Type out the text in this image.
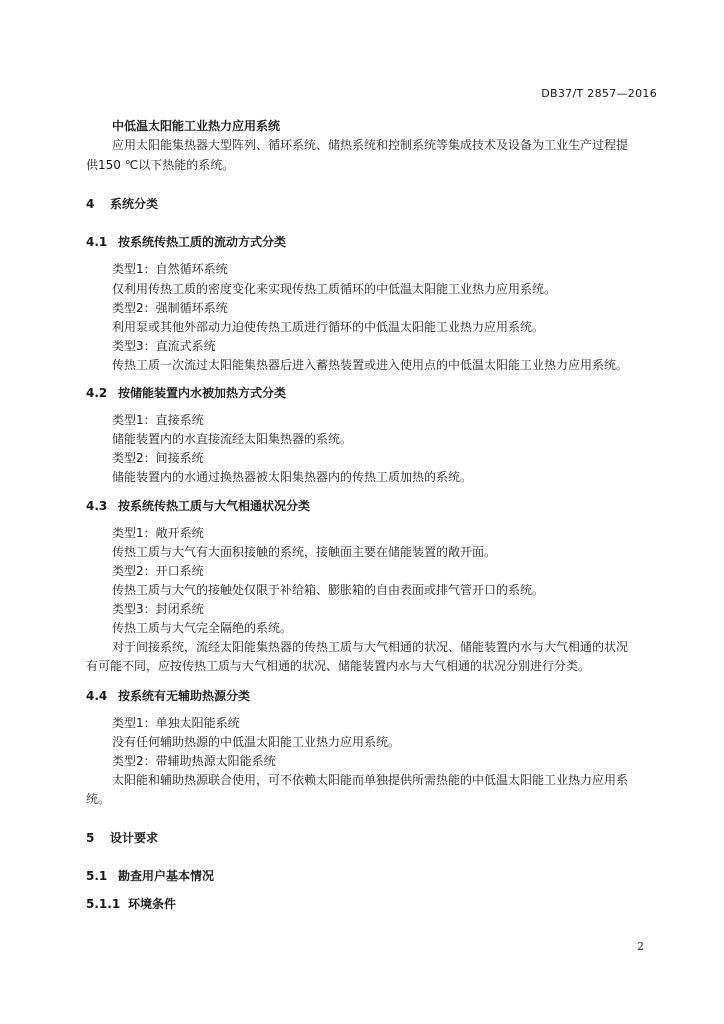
DB37/T 2857—2016
中低温太阳能工业热力应用系统
应用太阳能集热器大型阵列、循环系统、储热系统和控制系统等集成技术及设备为工业生产过程提
供150 ℃以下热能的系统。
4 系统分类
4.1 按系统传热工质的流动方式分类
类型1：自然循环系统
仅利用传热工质的密度变化来实现传热工质循环的中低温太阳能工业热力应用系统。
类型2：强制循环系统
利用泵或其他外部动力迫使传热工质进行循环的中低温太阳能工业热力应用系统。
类型3：直流式系统
传热工质一次流过太阳能集热器后进入蓄热装置或进入使用点的中低温太阳能工业热力应用系统。
4.2 按储能装置内水被加热方式分类
类型1：直接系统
储能装置内的水直接流经太阳集热器的系统。
类型2：间接系统
储能装置内的水通过换热器被太阳集热器内的传热工质加热的系统。
4.3 按系统传热工质与大气相通状况分类
类型1：敞开系统
传热工质与大气有大面积接触的系统，接触面主要在储能装置的敞开面。
类型2：开口系统
传热工质与大气的接触处仅限于补给箱、膨胀箱的自由表面或排气管开口的系统。
类型3：封闭系统
传热工质与大气完全隔绝的系统。
对于间接系统，流经太阳能集热器的传热工质与大气相通的状况、储能装置内水与大气相通的状况
有可能不同，应按传热工质与大气相通的状况、储能装置内水与大气相通的状况分别进行分类。
4.4 按系统有无辅助热源分类
类型1：单独太阳能系统
没有任何辅助热源的中低温太阳能工业热力应用系统。
类型2：带辅助热源太阳能系统
太阳能和辅助热源联合使用，可不依赖太阳能而单独提供所需热能的中低温太阳能工业热力应用系
统。
5 设计要求
5.1 勘查用户基本情况
5.1.1 环境条件
2
